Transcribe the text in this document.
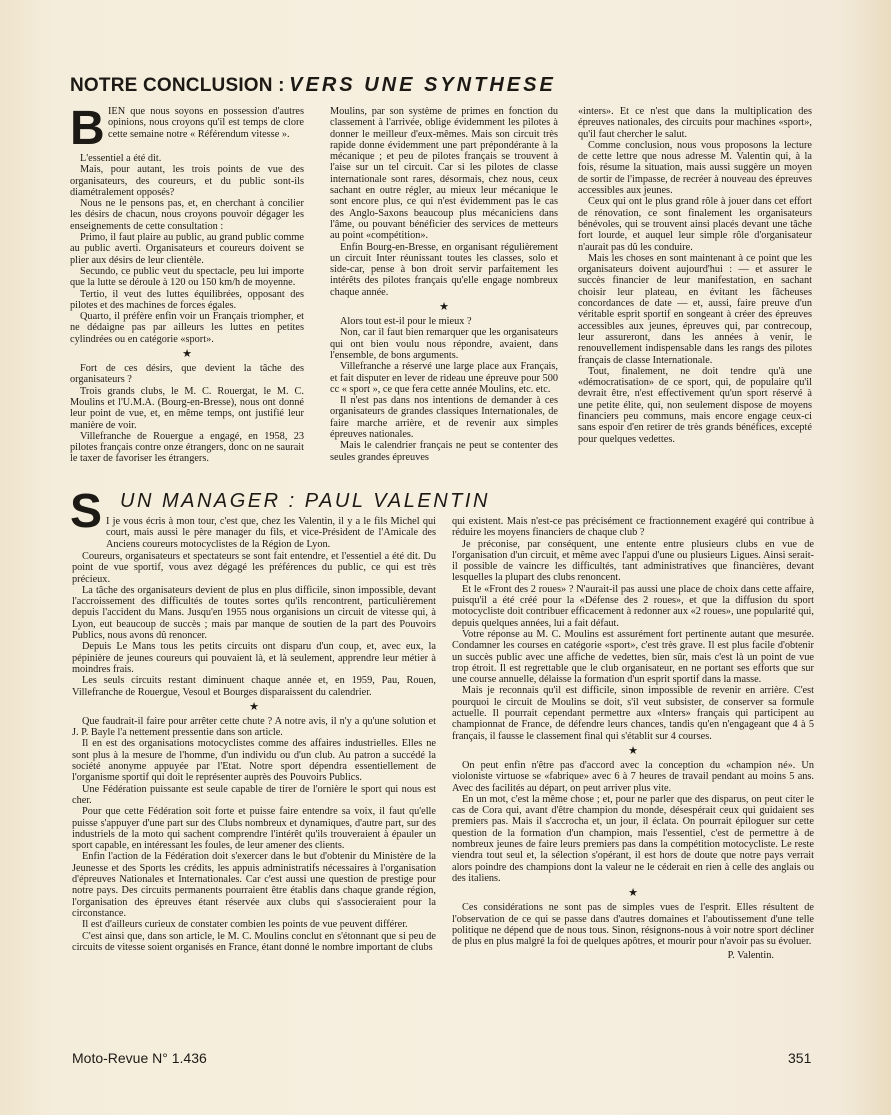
NOTRE CONCLUSION : VERS UNE SYNTHESE
B IEN que nous soyons en possession d'autres opinions, nous croyons qu'il est temps de clore cette semaine notre « Référendum vitesse ».

L'essentiel a été dit.

Mais, pour autant, les trois points de vue des organisateurs, des coureurs, et du public sont-ils diamétralement opposés?

Nous ne le pensons pas, et, en cherchant à concilier les désirs de chacun, nous croyons pouvoir dégager les enseignements de cette consultation :

Primo, il faut plaire au public, au grand public comme au public averti. Organisateurs et coureurs doivent se plier aux désirs de leur clientèle.

Secundo, ce public veut du spectacle, peu lui importe que la lutte se déroule à 120 ou 150 km/h de moyenne.

Tertio, il veut des luttes équilibrées, opposant des pilotes et des machines de forces égales.

Quarto, il préfère enfin voir un Français triompher, et ne dédaigne pas par ailleurs les luttes en petites cylindrées ou en catégorie «sport».

★

Fort de ces désirs, que devient la tâche des organisateurs ?

Trois grands clubs, le M. C. Rouergat, le M. C. Moulins et l'U.M.A. (Bourg-en-Bresse), nous ont donné leur point de vue, et, en même temps, ont justifié leur manière de voir.

Villefranche de Rouergue a engagé, en 1958, 23 pilotes français contre onze étrangers, donc on ne saurait le taxer de favoriser les étrangers.

Moulins, par son système de primes en fonction du classement à l'arrivée, oblige évidemment les pilotes à donner le meilleur d'eux-mêmes. Mais son circuit très rapide donne évidemment une part prépondérante à la mécanique ; et peu de pilotes français se trouvent à l'aise sur un tel circuit. Car si les pilotes de classe internationale sont rares, désormais, chez nous, ceux sachant en outre régler, au mieux leur mécanique le sont encore plus, ce qui n'est évidemment pas le cas des Anglo-Saxons beaucoup plus mécaniciens dans l'âme, ou pouvant bénéficier des services de metteurs au point «compétition».

Enfin Bourg-en-Bresse, en organisant régulièrement un circuit Inter réunissant toutes les classes, solo et side-car, pense à bon droit servir parfaitement les intérêts des pilotes français qu'elle engage nombreux chaque année.

★

Alors tout est-il pour le mieux ?

Non, car il faut bien remarquer que les organisateurs qui ont bien voulu nous répondre, avaient, dans l'ensemble, de bons arguments.

Villefranche a réservé une large place aux Français, et fait disputer en lever de rideau une épreuve pour 500 cc « sport », ce que fera cette année Moulins, etc. etc.

Il n'est pas dans nos intentions de demander à ces organisateurs de grandes classiques Internationales, de faire marche arrière, et de revenir aux simples épreuves nationales.

Mais le calendrier français ne peut se contenter des seules grandes épreuves

«inters». Et ce n'est que dans la multiplication des épreuves nationales, des circuits pour machines «sport», qu'il faut chercher le salut.

Comme conclusion, nous vous proposons la lecture de cette lettre que nous adresse M. Valentin qui, à la fois, résume la situation, mais aussi suggère un moyen de sortir de l'impasse, de recréer à nouveau des épreuves accessibles aux jeunes.

Ceux qui ont le plus grand rôle à jouer dans cet effort de rénovation, ce sont finalement les organisateurs bénévoles, qui se trouvent ainsi placés devant une tâche fort lourde, et auquel leur simple rôle d'organisateur n'aurait pas dû les conduire.

Mais les choses en sont maintenant à ce point que les organisateurs doivent aujourd'hui : — et assurer le succès financier de leur manifestation, en sachant choisir leur plateau, en évitant les fâcheuses concordances de date — et, aussi, faire preuve d'un véritable esprit sportif en songeant à créer des épreuves accessibles aux jeunes, épreuves qui, par contrecoup, leur assureront, dans les années à venir, le renouvellement indispensable dans les rangs des pilotes français de classe Internationale.

Tout, finalement, ne doit tendre qu'à une «démocratisation» de ce sport, qui, de populaire qu'il devrait être, n'est effectivement qu'un sport réservé à une petite élite, qui, non seulement dispose de moyens financiers peu communs, mais encore engage ceux-ci sans espoir d'en retirer de très grands bénéfices, excepté pour quelques vedettes.

S UN MANAGER : PAUL VALENTIN

I je vous écris à mon tour, c'est que, chez les Valentin, il y a le fils Michel qui court, mais aussi le père manager du fils, et vice-Président de l'Amicale des Anciens coureurs motocyclistes de la Région de Lyon.

Coureurs, organisateurs et spectateurs se sont fait entendre, et l'essentiel a été dit. Du point de vue sportif, vous avez dégagé les préférences du public, ce qui est très précieux.

La tâche des organisateurs devient de plus en plus difficile, sinon impossible, devant l'accroissement des difficultés de toutes sortes qu'ils rencontrent, particulièrement depuis l'accident du Mans. Jusqu'en 1955 nous organisions un circuit de vitesse qui, à Lyon, eut beaucoup de succès ; mais par manque de soutien de la part des Pouvoirs Publics, nous avons dû renoncer.

Depuis Le Mans tous les petits circuits ont disparu d'un coup, et, avec eux, la pépinière de jeunes coureurs qui pouvaient là, et là seulement, apprendre leur métier à moindres frais.

Les seuls circuits restant diminuent chaque année et, en 1959, Pau, Rouen, Villefranche de Rouergue, Vesoul et Bourges disparaissent du calendrier.

★

Que faudrait-il faire pour arrêter cette chute ? A notre avis, il n'y a qu'une solution et J. P. Bayle l'a nettement pressentie dans son article.

Il en est des organisations motocyclistes comme des affaires industrielles. Elles ne sont plus à la mesure de l'homme, d'un individu ou d'un club. Au patron a succédé la société anonyme appuyée par l'Etat. Notre sport dépendra essentiellement de l'organisme sportif qui doit le représenter auprès des Pouvoirs Publics.

Une Fédération puissante est seule capable de tirer de l'ornière le sport qui nous est cher.

Pour que cette Fédération soit forte et puisse faire entendre sa voix, il faut qu'elle puisse s'appuyer d'une part sur des Clubs nombreux et dynamiques, d'autre part, sur des industriels de la moto qui sachent comprendre l'intérêt qu'ils trouveraient à épauler un sport capable, en intéressant les foules, de leur amener des clients.

Enfin l'action de la Fédération doit s'exercer dans le but d'obtenir du Ministère de la Jeunesse et des Sports les crédits, les appuis administratifs nécessaires à l'organisation d'épreuves Nationales et Internationales. Car c'est aussi une question de prestige pour notre pays. Des circuits permanents pourraient être établis dans chaque grande région, l'organisation des épreuves étant réservée aux clubs qui s'associeraient pour la circonstance.

Il est d'ailleurs curieux de constater combien les points de vue peuvent différer.

C'est ainsi que, dans son article, le M. C. Moulins conclut en s'étonnant que si peu de circuits de vitesse soient organisés en France, étant donné le nombre important de clubs

qui existent. Mais n'est-ce pas précisément ce fractionnement exagéré qui contribue à réduire les moyens financiers de chaque club ?

Je préconise, par conséquent, une entente entre plusieurs clubs en vue de l'organisation d'un circuit, et même avec l'appui d'une ou plusieurs Ligues. Ainsi serait-il possible de vaincre les difficultés, tant administratives que financières, devant lesquelles la plupart des clubs renoncent.

Et le «Front des 2 roues» ? N'aurait-il pas aussi une place de choix dans cette affaire, puisqu'il a été créé pour la «Défense des 2 roues», et que la diffusion du sport motocycliste doit contribuer efficacement à redonner aux «2 roues», une popularité qui, depuis quelques années, lui a fait défaut.

Votre réponse au M. C. Moulins est assurément fort pertinente autant que mesurée. Condamner les courses en catégorie «sport», c'est très grave. Il est plus facile d'obtenir un succès public avec une affiche de vedettes, bien sûr, mais c'est là un point de vue trop étroit. Il est regrettable que le club organisateur, en ne portant ses efforts que sur une course annuelle, délaisse la formation d'un esprit sportif dans la masse.

Mais je reconnais qu'il est difficile, sinon impossible de revenir en arrière. C'est pourquoi le circuit de Moulins se doit, s'il veut subsister, de conserver sa formule actuelle. Il pourrait cependant permettre aux «Inters» français qui participent au championnat de France, de défendre leurs chances, tandis qu'en n'engageant que 4 à 5 français, il fausse le classement final qui s'établit sur 4 courses.

★

On peut enfin n'être pas d'accord avec la conception du «champion né». Un violoniste virtuose se «fabrique» avec 6 à 7 heures de travail pendant au moins 5 ans. Avec des facilités au départ, on peut arriver plus vite.

En un mot, c'est la même chose ; et, pour ne parler que des disparus, on peut citer le cas de Cora qui, avant d'être champion du monde, désespérait ceux qui guidaient ses premiers pas. Mais il s'accrocha et, un jour, il éclata. On pourrait épiloguer sur cette question de la formation d'un champion, mais l'essentiel, c'est de permettre à de nombreux jeunes de faire leurs premiers pas dans la compétition motocycliste. Le reste viendra tout seul et, la sélection s'opérant, il est hors de doute que notre pays verrait alors poindre des champions dont la valeur ne le céderait en rien à celle des anglais ou des italiens.

★

Ces considérations ne sont pas de simples vues de l'esprit. Elles résultent de l'observation de ce qui se passe dans d'autres domaines et l'aboutissement d'une telle politique ne dépend que de nous tous. Sinon, résignons-nous à voir notre sport décliner de plus en plus malgré la foi de quelques apôtres, et mourir pour n'avoir pas su évoluer.

P. Valentin.
Moto-Revue N° 1.436	351
